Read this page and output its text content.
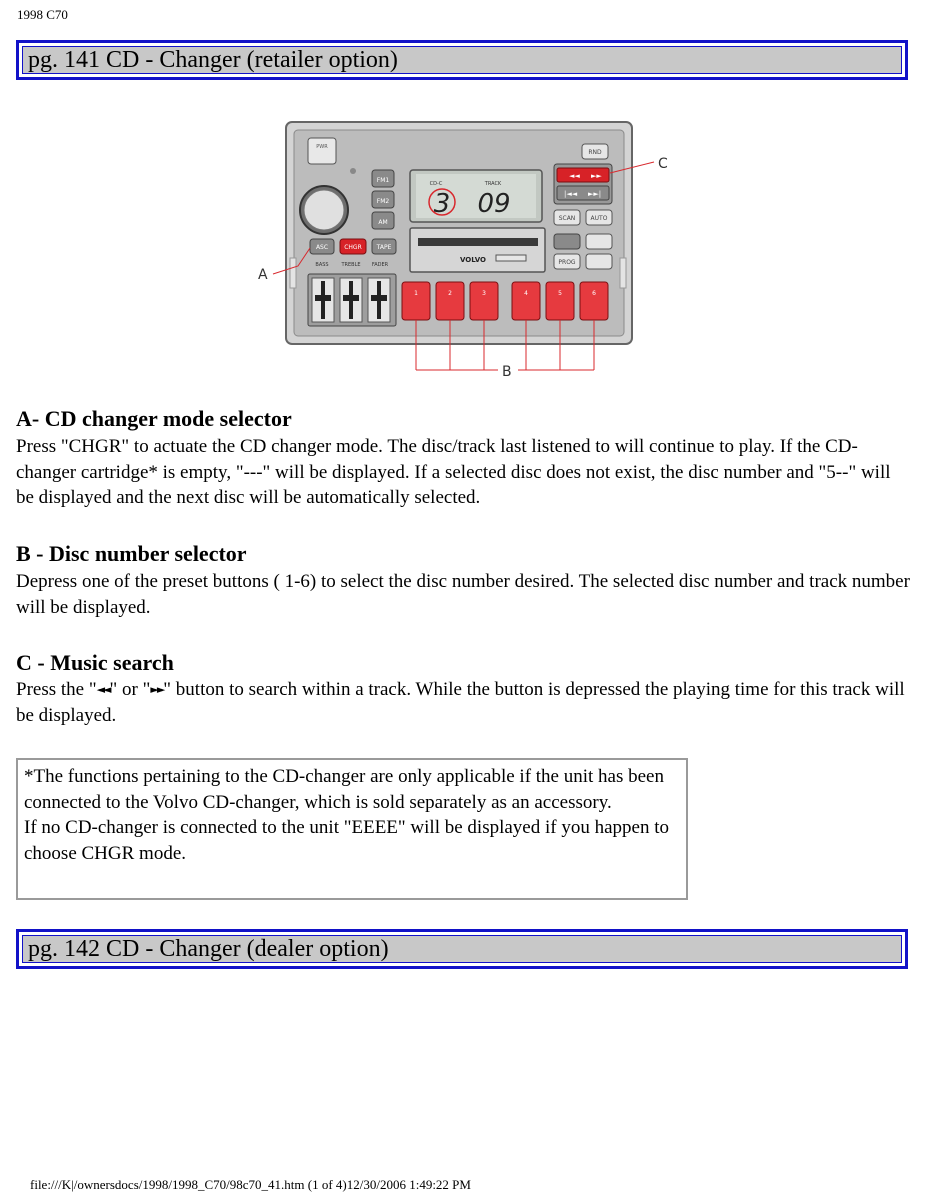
1998 C70
pg. 141 CD - Changer (retailer option)
PWR
FM1
FM2
AM
CD-C	TRACK
3 09
VOLVO
RND
◄◄ ►►
|◄◄ ►►|
SCAN	AUTO
PROG
ASC	CHGR TAPE
BASS	TREBLE FADER
1	2	3	4	5	6
A
C
B
A- CD changer mode selector

Press "CHGR" to actuate the CD changer mode. The disc/track last listened to will continue to play. If the CD-changer cartridge* is empty, "---" will be displayed. If a selected disc does not exist, the disc number and "5--" will be displayed and the next disc will be automatically selected.

B - Disc number selector

Depress one of the preset buttons ( 1-6) to select the disc number desired. The selected disc number and track number will be displayed.

C - Music search

Press the "◄◄" or "►►" button to search within a track. While the button is depressed the playing time for this track will be displayed.

*The functions pertaining to the CD-changer are only applicable if the unit has been connected to the Volvo CD-changer, which is sold separately as an accessory.
If no CD-changer is connected to the unit "EEEE" will be displayed if you happen to choose CHGR mode.
pg. 142 CD - Changer (dealer option)
file:///K|/ownersdocs/1998/1998_C70/98c70_41.htm (1 of 4)12/30/2006 1:49:22 PM
